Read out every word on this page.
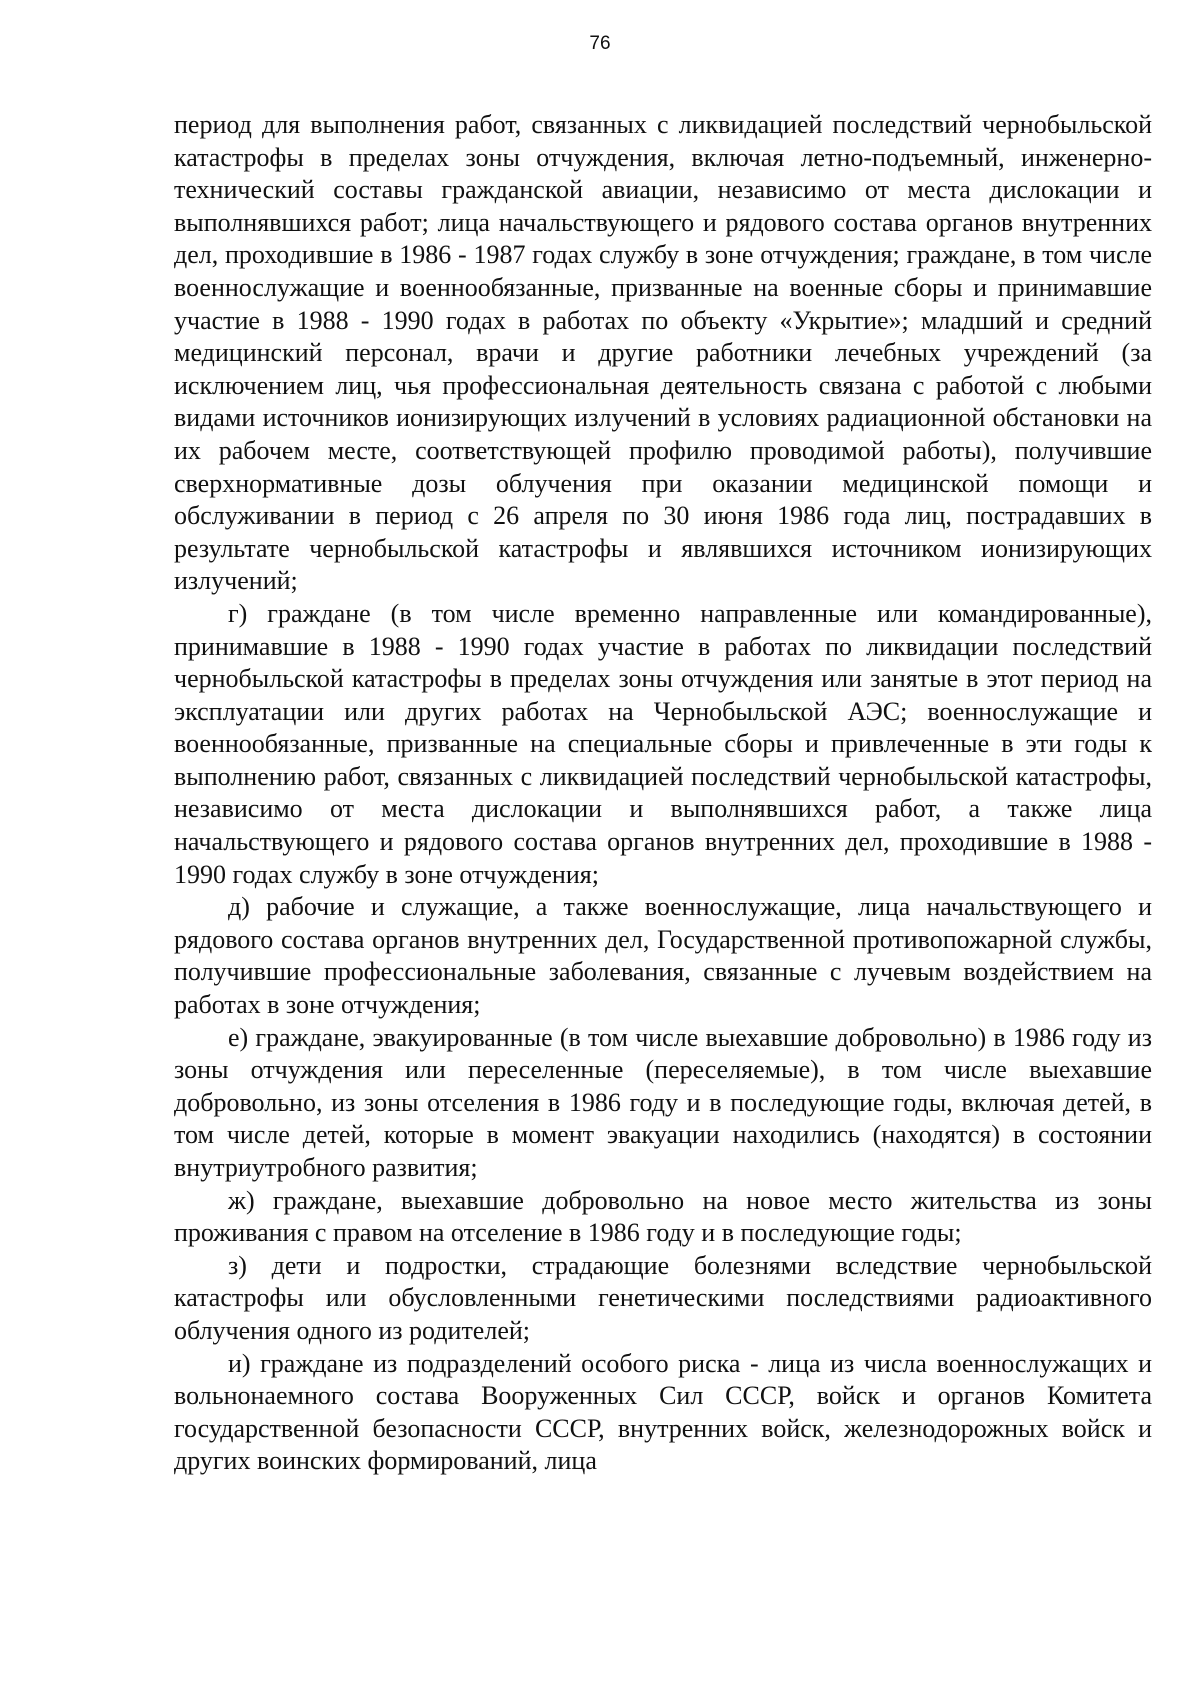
76

период для выполнения работ, связанных с ликвидацией последствий чернобыльской катастрофы в пределах зоны отчуждения, включая летно-подъемный, инженерно-технический составы гражданской авиации, независимо от места дислокации и выполнявшихся работ; лица начальствующего и рядового состава органов внутренних дел, проходившие в 1986 - 1987 годах службу в зоне отчуждения; граждане, в том числе военнослужащие и военнообязанные, призванные на военные сборы и принимавшие участие в 1988 - 1990 годах в работах по объекту «Укрытие»; младший и средний медицинский персонал, врачи и другие работники лечебных учреждений (за исключением лиц, чья профессиональная деятельность связана с работой с любыми видами источников ионизирующих излучений в условиях радиационной обстановки на их рабочем месте, соответствующей профилю проводимой работы), получившие сверхнормативные дозы облучения при оказании медицинской помощи и обслуживании в период с 26 апреля по 30 июня 1986 года лиц, пострадавших в результате чернобыльской катастрофы и являвшихся источником ионизирующих излучений;

г) граждане (в том числе временно направленные или командированные), принимавшие в 1988 - 1990 годах участие в работах по ликвидации последствий чернобыльской катастрофы в пределах зоны отчуждения или занятые в этот период на эксплуатации или других работах на Чернобыльской АЭС; военнослужащие и военнообязанные, призванные на специальные сборы и привлеченные в эти годы к выполнению работ, связанных с ликвидацией последствий чернобыльской катастрофы, независимо от места дислокации и выполнявшихся работ, а также лица начальствующего и рядового состава органов внутренних дел, проходившие в 1988 - 1990 годах службу в зоне отчуждения;

д) рабочие и служащие, а также военнослужащие, лица начальствующего и рядового состава органов внутренних дел, Государственной противопожарной службы, получившие профессиональные заболевания, связанные с лучевым воздействием на работах в зоне отчуждения;

е) граждане, эвакуированные (в том числе выехавшие добровольно) в 1986 году из зоны отчуждения или переселенные (переселяемые), в том числе выехавшие добровольно, из зоны отселения в 1986 году и в последующие годы, включая детей, в том числе детей, которые в момент эвакуации находились (находятся) в состоянии внутриутробного развития;

ж) граждане, выехавшие добровольно на новое место жительства из зоны проживания с правом на отселение в 1986 году и в последующие годы;

з) дети и подростки, страдающие болезнями вследствие чернобыльской катастрофы или обусловленными генетическими последствиями радиоактивного облучения одного из родителей;

и) граждане из подразделений особого риска - лица из числа военнослужащих и вольнонаемного состава Вооруженных Сил СССР, войск и органов Комитета государственной безопасности СССР, внутренних войск, железнодорожных войск и других воинских формирований, лица
